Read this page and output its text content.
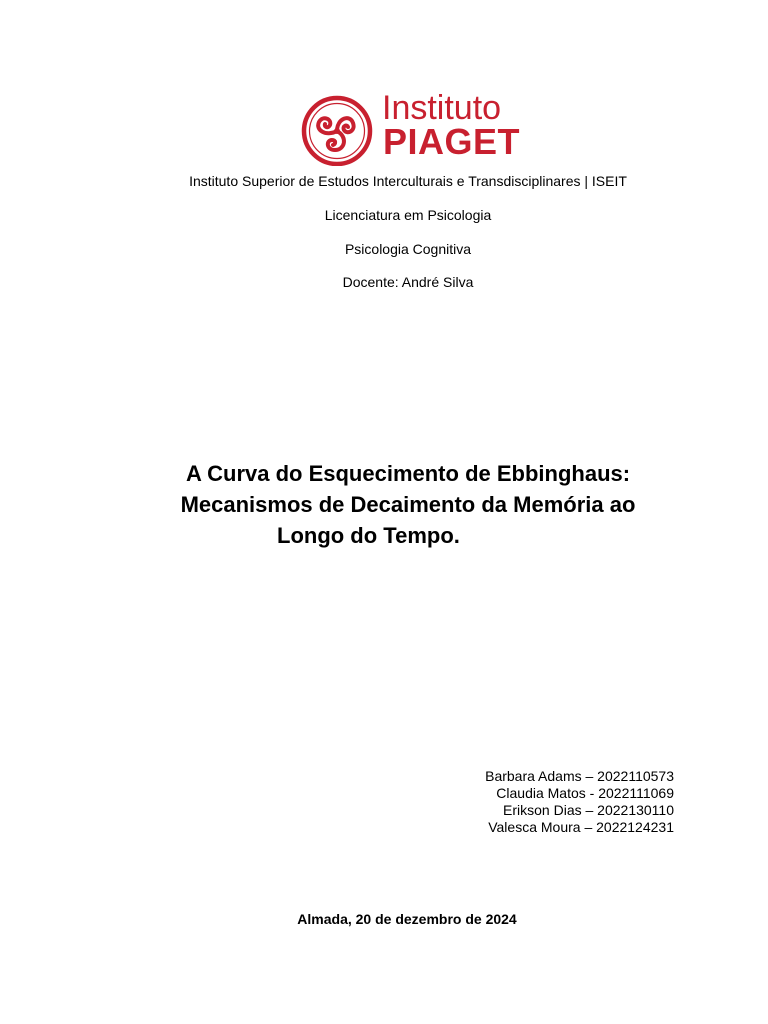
Instituto
PIAGET
Instituto Superior de Estudos Interculturais e Transdisciplinares | ISEIT
Licenciatura em Psicologia
Psicologia Cognitiva
Docente: André Silva
A Curva do Esquecimento de Ebbinghaus:
Mecanismos de Decaimento da Memória ao
Longo do Tempo.
Barbara Adams – 2022110573
Claudia Matos - 2022111069
Erikson Dias – 2022130110
Valesca Moura – 2022124231
Almada, 20 de dezembro de 2024
